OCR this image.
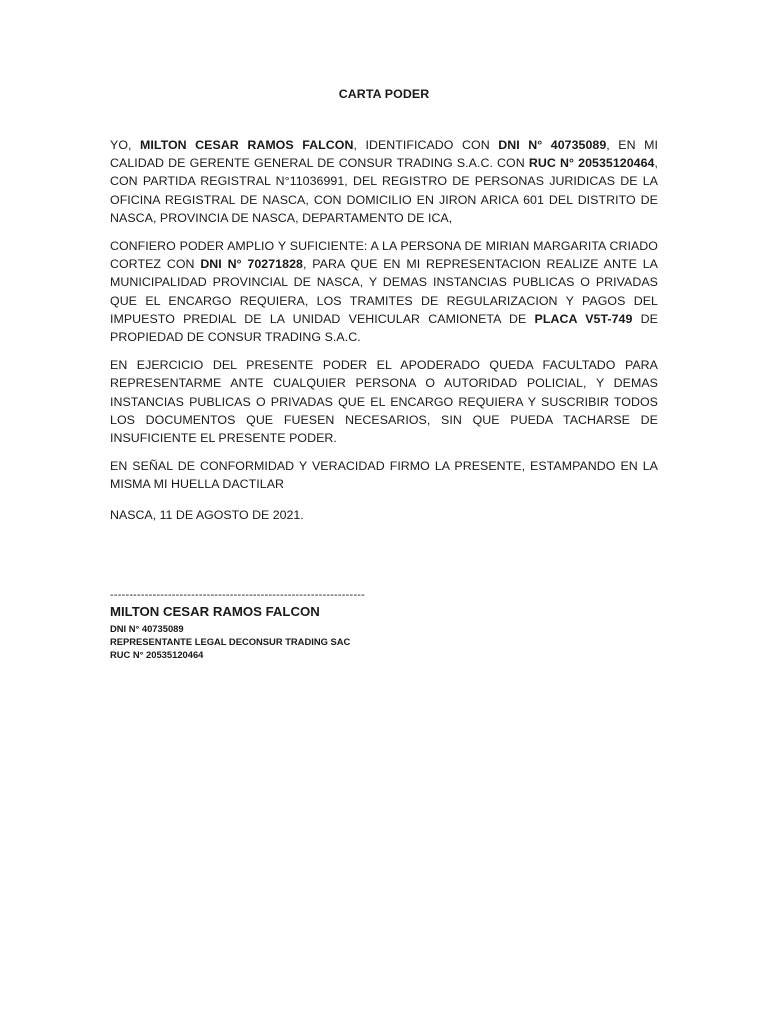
CARTA PODER

YO, MILTON CESAR RAMOS FALCON, IDENTIFICADO CON DNI N° 40735089, EN MI CALIDAD DE GERENTE GENERAL DE CONSUR TRADING S.A.C. CON RUC N° 20535120464, CON PARTIDA REGISTRAL N°11036991, DEL REGISTRO DE PERSONAS JURIDICAS DE LA OFICINA REGISTRAL DE NASCA, CON DOMICILIO EN JIRON ARICA 601 DEL DISTRITO DE NASCA, PROVINCIA DE NASCA, DEPARTAMENTO DE ICA,

CONFIERO PODER AMPLIO Y SUFICIENTE: A LA PERSONA DE MIRIAN MARGARITA CRIADO CORTEZ CON DNI N° 70271828, PARA QUE EN MI REPRESENTACION REALIZE ANTE LA MUNICIPALIDAD PROVINCIAL DE NASCA, Y DEMAS INSTANCIAS PUBLICAS O PRIVADAS QUE EL ENCARGO REQUIERA, LOS TRAMITES DE REGULARIZACION Y PAGOS DEL IMPUESTO PREDIAL DE LA UNIDAD VEHICULAR CAMIONETA DE PLACA V5T-749 DE PROPIEDAD DE CONSUR TRADING S.A.C.

EN EJERCICIO DEL PRESENTE PODER EL APODERADO QUEDA FACULTADO PARA REPRESENTARME ANTE CUALQUIER PERSONA O AUTORIDAD POLICIAL, Y DEMAS INSTANCIAS PUBLICAS O PRIVADAS QUE EL ENCARGO REQUIERA Y SUSCRIBIR TODOS LOS DOCUMENTOS QUE FUESEN NECESARIOS, SIN QUE PUEDA TACHARSE DE INSUFICIENTE EL PRESENTE PODER.

EN SEÑAL DE CONFORMIDAD Y VERACIDAD FIRMO LA PRESENTE, ESTAMPANDO EN LA MISMA MI HUELLA DACTILAR

NASCA, 11 DE AGOSTO DE 2021.

------------------------------------------------------------------

MILTON CESAR RAMOS FALCON

DNI N° 40735089

REPRESENTANTE LEGAL DECONSUR TRADING SAC

RUC N° 20535120464
